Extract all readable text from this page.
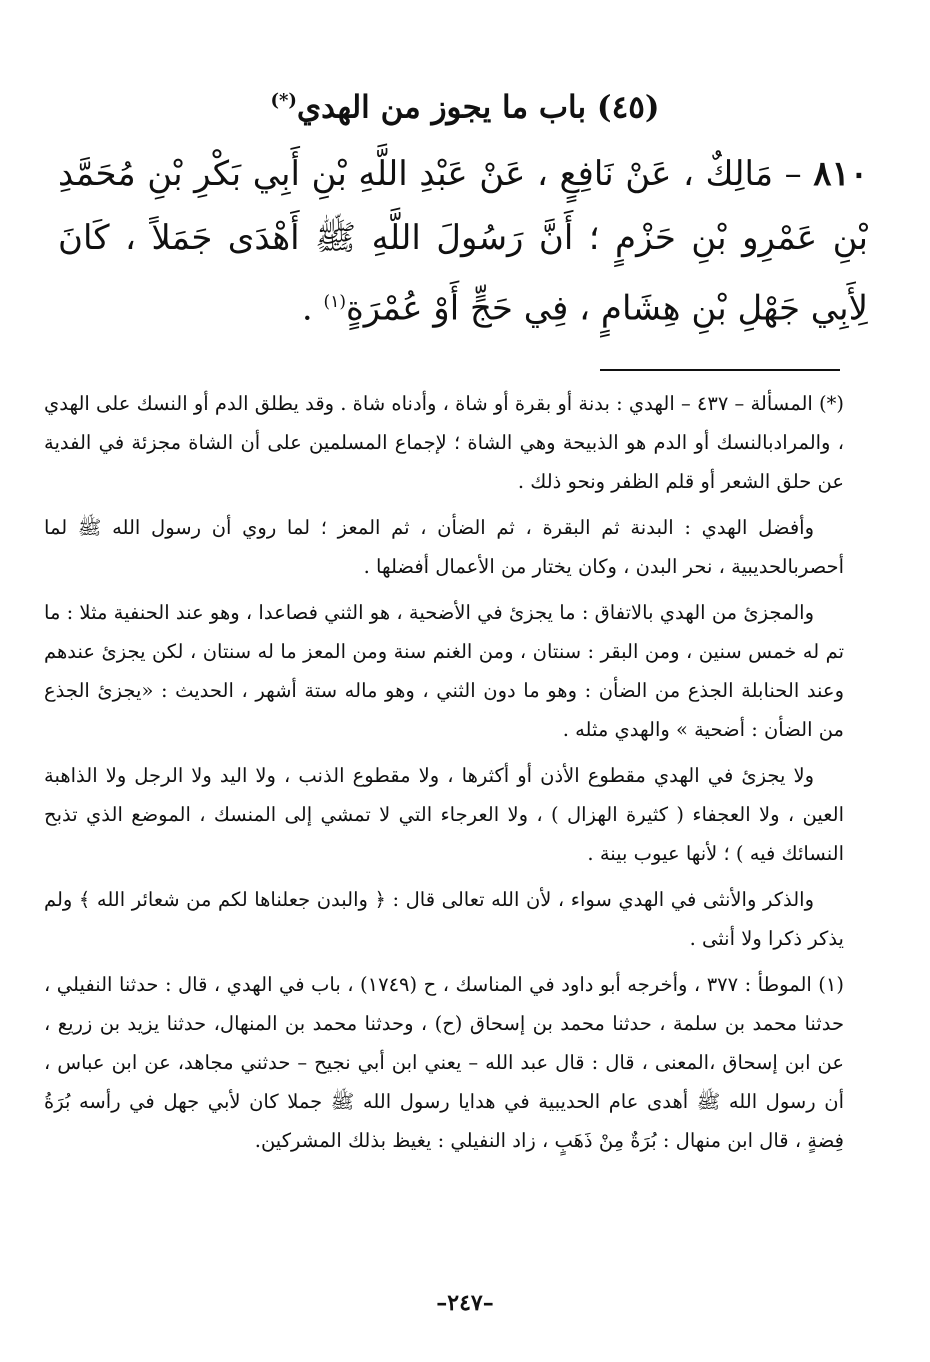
(٤٥) باب ما يجوز من الهدي(*)
٨١٠ – مَالِكٌ ، عَنْ نَافِعٍ ، عَنْ عَبْدِ اللَّهِ بْنِ أَبِي بَكْرِ بْنِ مُحَمَّدِ بْنِ عَمْرِو بْنِ حَزْمٍ ؛ أَنَّ رَسُولَ اللَّهِ ﷺ أَهْدَى جَمَلاً ، كَانَ لِأَبِي جَهْلِ بْنِ هِشَامٍ ، فِي حَجٍّ أَوْ عُمْرَةٍ$^{(١)}$ .

(*) المسألة – ٤٣٧ – الهدي : بدنة أو بقرة أو شاة ، وأدناه شاة . وقد يطلق الدم أو النسك على الهدي ، والمرادبالنسك أو الدم هو الذبيحة وهي الشاة ؛ لإجماع المسلمين على أن الشاة مجزئة في الفدية عن حلق الشعر أو قلم الظفر ونحو ذلك .

وأفضل الهدي : البدنة ثم البقرة ، ثم الضأن ، ثم المعز ؛ لما روي أن رسول الله ﷺ لما أحصربالحديبية ، نحر البدن ، وكان يختار من الأعمال أفضلها .

والمجزئ من الهدي بالاتفاق : ما يجزئ في الأضحية ، هو الثني فصاعدا ، وهو عند الحنفية مثلا : ما تم له خمس سنين ، ومن البقر : سنتان ، ومن الغنم سنة ومن المعز ما له سنتان ، لكن يجزئ عندهم وعند الحنابلة الجذع من الضأن : وهو ما دون الثني ، وهو ماله ستة أشهر ، الحديث : «يجزئ الجذع من الضأن : أضحية » والهدي مثله .

ولا يجزئ في الهدي مقطوع الأذن أو أكثرها ، ولا مقطوع الذنب ، ولا اليد ولا الرجل ولا الذاهبة العين ، ولا العجفاء ( كثيرة الهزال ) ، ولا العرجاء التي لا تمشي إلى المنسك ، الموضع الذي تذبح النسائك فيه ) ؛ لأنها عيوب بينة .

والذكر والأنثى في الهدي سواء ، لأن الله تعالى قال : ﴿ والبدن جعلناها لكم من شعائر الله ﴾ ولم يذكر ذكرا ولا أنثى .

(١) الموطأ : ٣٧٧ ، وأخرجه أبو داود في المناسك ، ح (١٧٤٩) ، باب في الهدي ، قال : حدثنا النفيلي ، حدثنا محمد بن سلمة ، حدثنا محمد بن إسحاق (ح) ، وحدثنا محمد بن المنهال، حدثنا يزيد بن زريع ، عن ابن إسحاق ،المعنى ، قال : قال عبد الله – يعني ابن أبي نجيح – حدثني مجاهد، عن ابن عباس ، أن رسول الله ﷺ أهدى عام الحديبية في هدايا رسول الله ﷺ جملا كان لأبي جهل في رأسه بُرَةُ فِضةٍ ، قال ابن منهال : بُرَةٌ مِنْ ذَهَبٍ ، زاد النفيلي : يغيظ بذلك المشركين.

–٢٤٧–
